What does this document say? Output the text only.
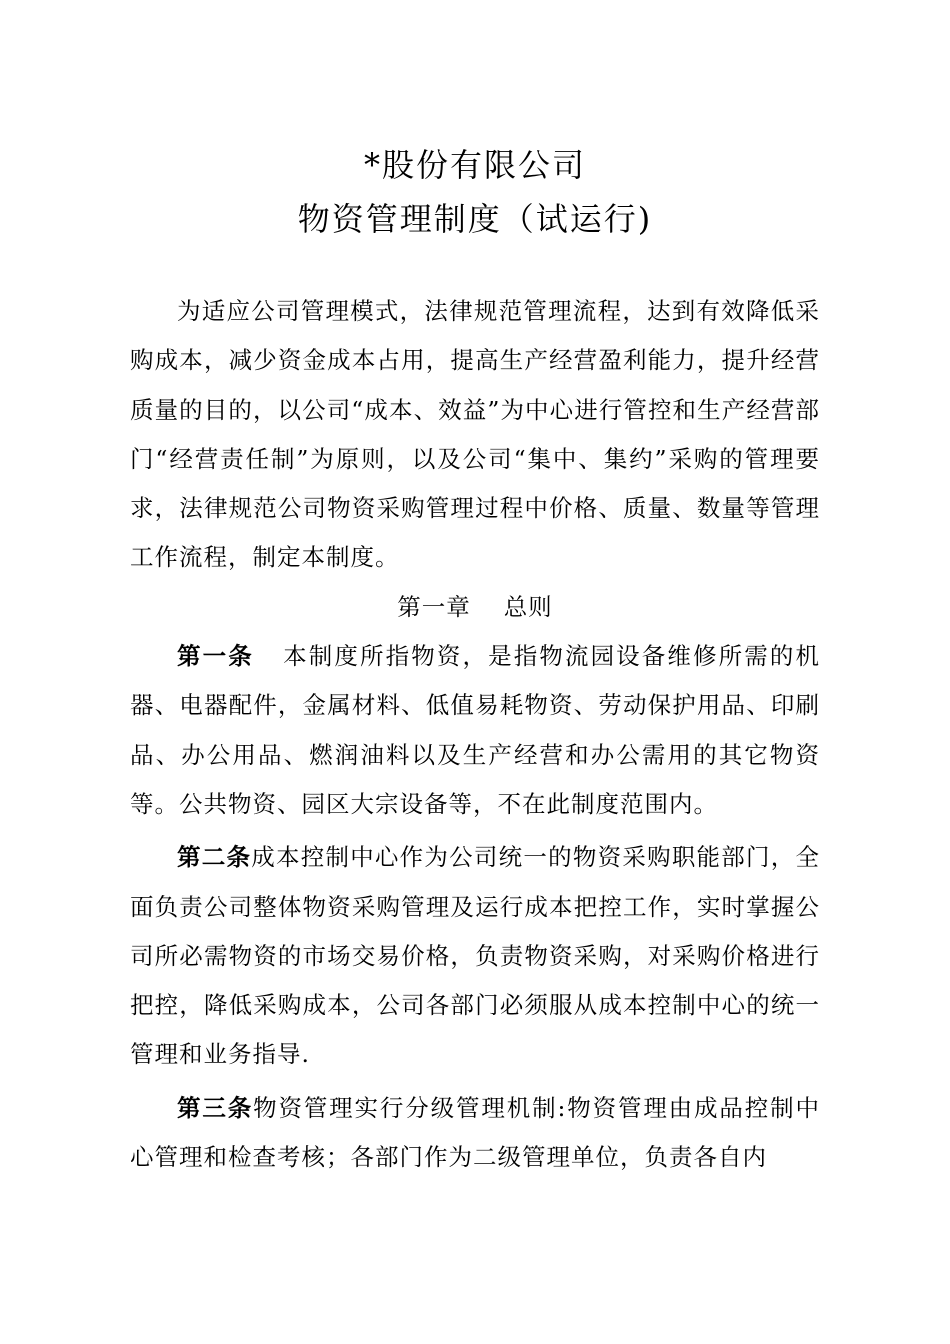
*股份有限公司
物资管理制度（试运行)

为适应公司管理模式，法律规范管理流程，达到有效降低采购成本，减少资金成本占用，提高生产经营盈利能力，提升经营质量的目的，以公司“成本、效益”为中心进行管控和生产经营部门“经营责任制”为原则，以及公司“集中、集约”采购的管理要求，法律规范公司物资采购管理过程中价格、质量、数量等管理工作流程，制定本制度。

第一章 总则

第一条 本制度所指物资，是指物流园设备维修所需的机器、电器配件，金属材料、低值易耗物资、劳动保护用品、印刷品、办公用品、燃润油料以及生产经营和办公需用的其它物资等。公共物资、园区大宗设备等，不在此制度范围内。

第二条成本控制中心作为公司统一的物资采购职能部门，全面负责公司整体物资采购管理及运行成本把控工作，实时掌握公司所必需物资的市场交易价格，负责物资采购，对采购价格进行把控，降低采购成本，公司各部门必须服从成本控制中心的统一管理和业务指导.

第三条物资管理实行分级管理机制:物资管理由成品控制中心管理和检查考核；各部门作为二级管理单位，负责各自内
